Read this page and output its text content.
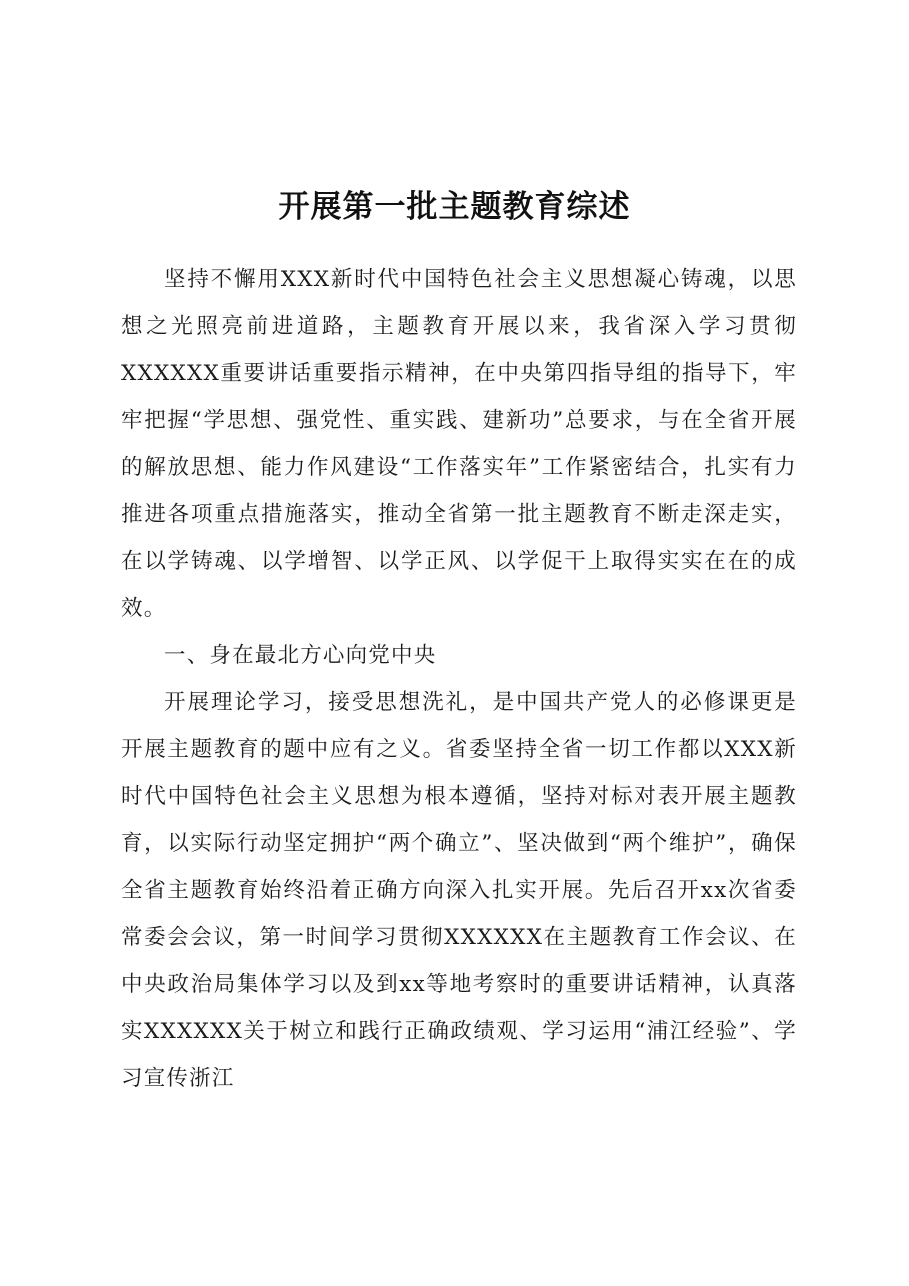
开展第一批主题教育综述

坚持不懈用XXX新时代中国特色社会主义思想凝心铸魂，以思想之光照亮前进道路，主题教育开展以来，我省深入学习贯彻XXXXXX重要讲话重要指示精神，在中央第四指导组的指导下，牢牢把握“学思想、强党性、重实践、建新功”总要求，与在全省开展的解放思想、能力作风建设“工作落实年”工作紧密结合，扎实有力推进各项重点措施落实，推动全省第一批主题教育不断走深走实，在以学铸魂、以学增智、以学正风、以学促干上取得实实在在的成效。

一、身在最北方心向党中央

开展理论学习，接受思想洗礼，是中国共产党人的必修课更是开展主题教育的题中应有之义。省委坚持全省一切工作都以XXX新时代中国特色社会主义思想为根本遵循，坚持对标对表开展主题教育，以实际行动坚定拥护“两个确立”、坚决做到“两个维护”，确保全省主题教育始终沿着正确方向深入扎实开展。先后召开xx次省委常委会会议，第一时间学习贯彻XXXXXX在主题教育工作会议、在中央政治局集体学习以及到xx等地考察时的重要讲话精神，认真落实XXXXXX关于树立和践行正确政绩观、学习运用“浦江经验”、学习宣传浙江
